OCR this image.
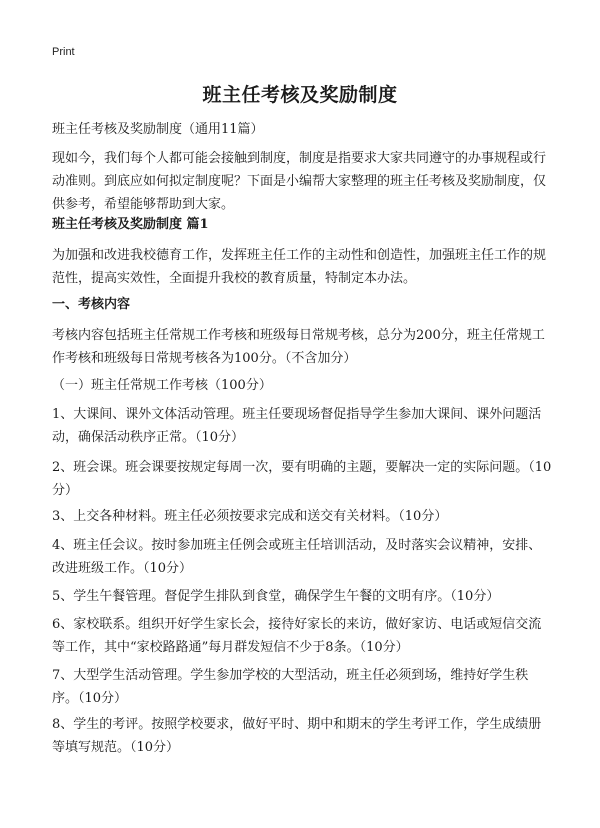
Print
班主任考核及奖励制度
班主任考核及奖励制度（通用11篇）
现如今，我们每个人都可能会接触到制度，制度是指要求大家共同遵守的办事规程或行动准则。到底应如何拟定制度呢？下面是小编帮大家整理的班主任考核及奖励制度，仅供参考，希望能够帮助到大家。
班主任考核及奖励制度 篇1
为加强和改进我校德育工作，发挥班主任工作的主动性和创造性，加强班主任工作的规范性，提高实效性，全面提升我校的教育质量，特制定本办法。
一、考核内容
考核内容包括班主任常规工作考核和班级每日常规考核，总分为200分，班主任常规工作考核和班级每日常规考核各为100分。（不含加分）
（一）班主任常规工作考核（100分）
1、大课间、课外文体活动管理。班主任要现场督促指导学生参加大课间、课外问题活动，确保活动秩序正常。（10分）
2、班会课。班会课要按规定每周一次，要有明确的主题，要解决一定的实际问题。（10分）
3、上交各种材料。班主任必须按要求完成和送交有关材料。（10分）
4、班主任会议。按时参加班主任例会或班主任培训活动，及时落实会议精神，安排、改进班级工作。（10分）
5、学生午餐管理。督促学生排队到食堂，确保学生午餐的文明有序。（10分）
6、家校联系。组织开好学生家长会，接待好家长的来访，做好家访、电话或短信交流等工作，其中“家校路路通”每月群发短信不少于8条。（10分）
7、大型学生活动管理。学生参加学校的大型活动，班主任必须到场，维持好学生秩序。（10分）
8、学生的考评。按照学校要求，做好平时、期中和期末的学生考评工作，学生成绩册等填写规范。（10分）
